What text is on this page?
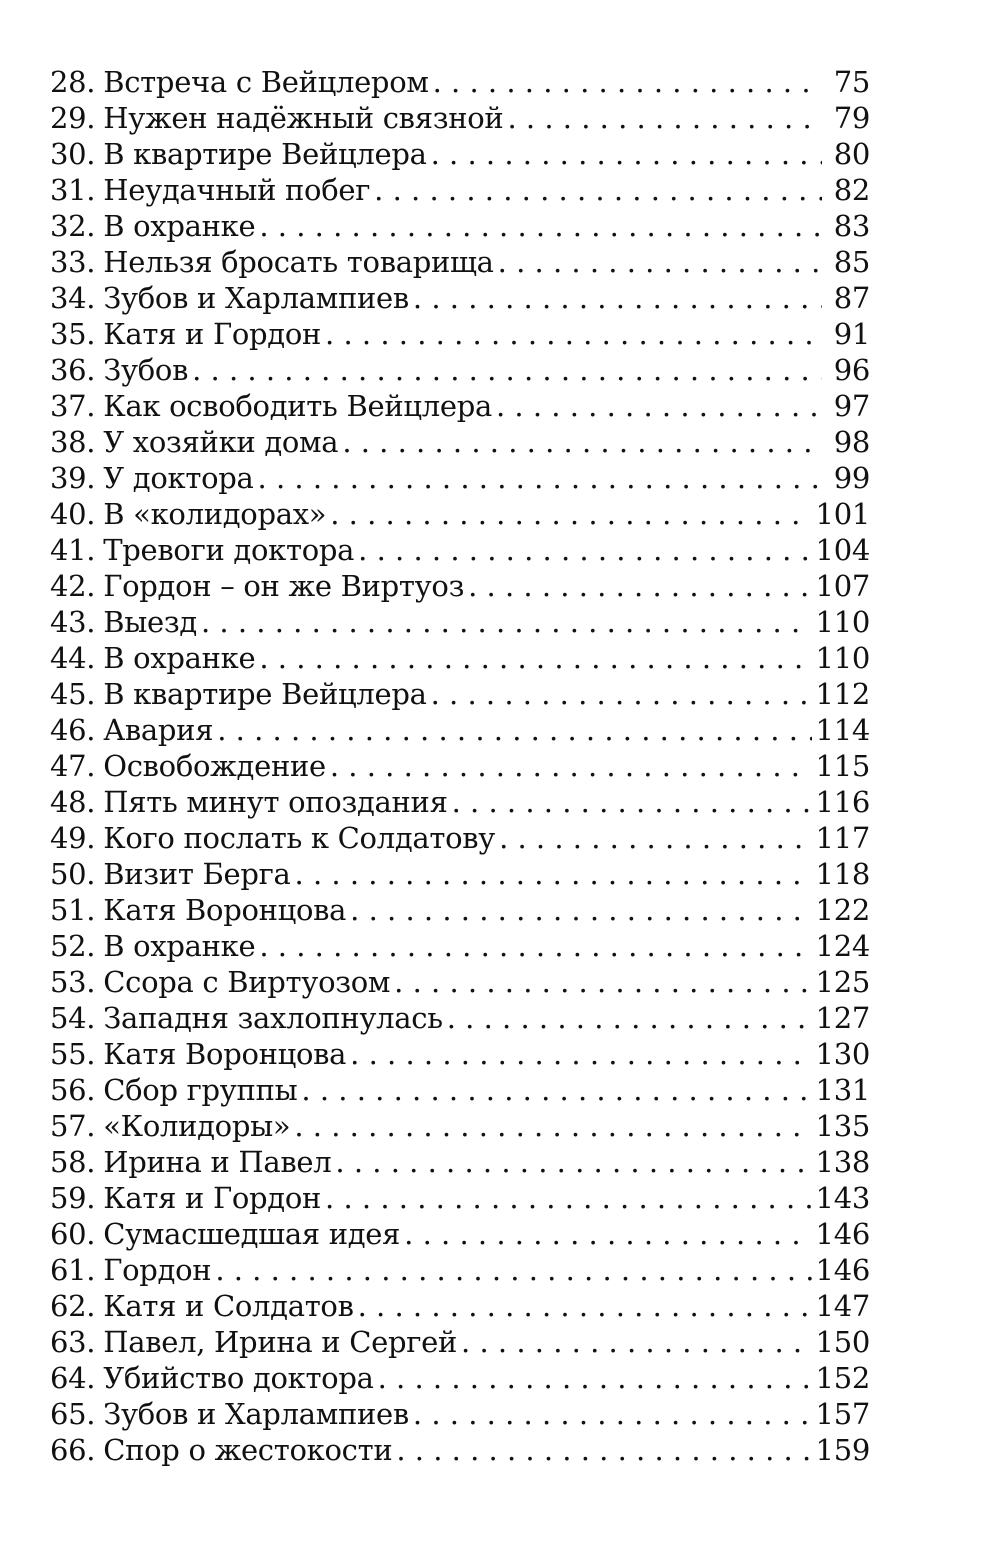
28. Встреча с Вейцлером . . .	75
29. Нужен надёжный связной . . .	79
30. В квартире Вейцлера . . .	80
31. Неудачный побег . . .	82
32. В охранке . . .	83
33. Нельзя бросать товарища . . .	85
34. Зубов и Харлампиев . . .	87
35. Катя и Гордон . . .	91
36. Зубов . . .	96
37. Как освободить Вейцлера . . .	97
38. У хозяйки дома . . .	98
39. У доктора . . .	99
40. В «колидорах» . . .	101
41. Тревоги доктора . . .	104
42. Гордон – он же Виртуоз . . .	107
43. Выезд . . .	110
44. В охранке . . .	110
45. В квартире Вейцлера . . .	112
46. Авария . . .	114
47. Освобождение . . .	115
48. Пять минут опоздания . . .	116
49. Кого послать к Солдатову . . .	117
50. Визит Берга . . .	118
51. Катя Воронцова . . .	122
52. В охранке . . .	124
53. Ссора с Виртуозом . . .	125
54. Западня захлопнулась . . .	127
55. Катя Воронцова . . .	130
56. Сбор группы . . .	131
57. «Колидоры» . . .	135
58. Ирина и Павел . . .	138
59. Катя и Гордон . . .	143
60. Сумасшедшая идея . . .	146
61. Гордон . . .	146
62. Катя и Солдатов . . .	147
63. Павел, Ирина и Сергей . . .	150
64. Убийство доктора . . .	152
65. Зубов и Харлампиев . . .	157
66. Спор о жестокости . . .	159
